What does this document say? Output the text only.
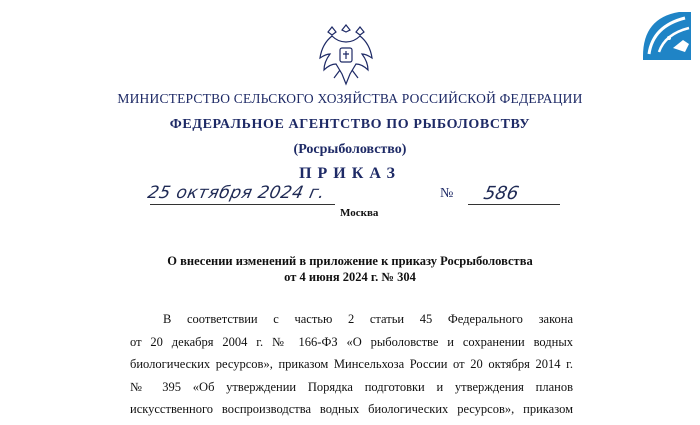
МИНИСТЕРСТВО СЕЛЬСКОГО ХОЗЯЙСТВА РОССИЙСКОЙ ФЕДЕРАЦИИ
ФЕДЕРАЛЬНОЕ АГЕНТСТВО ПО РЫБОЛОВСТВУ
(Росрыболовство)
ПРИКАЗ
25 октября 2024 г.	№ 586
Москва
О внесении изменений в приложение к приказу Росрыболовства
от 4 июня 2024 г. № 304
В соответствии с частью 2 статьи 45 Федерального закона
от 20 декабря 2004 г. № 166-ФЗ «О рыболовстве и сохранении водных
биологических ресурсов», приказом Минсельхоза России от 20 октября 2014 г.
№ 395 «Об утверждении Порядка подготовки и утверждения планов
искусственного воспроизводства водных биологических ресурсов», приказом
